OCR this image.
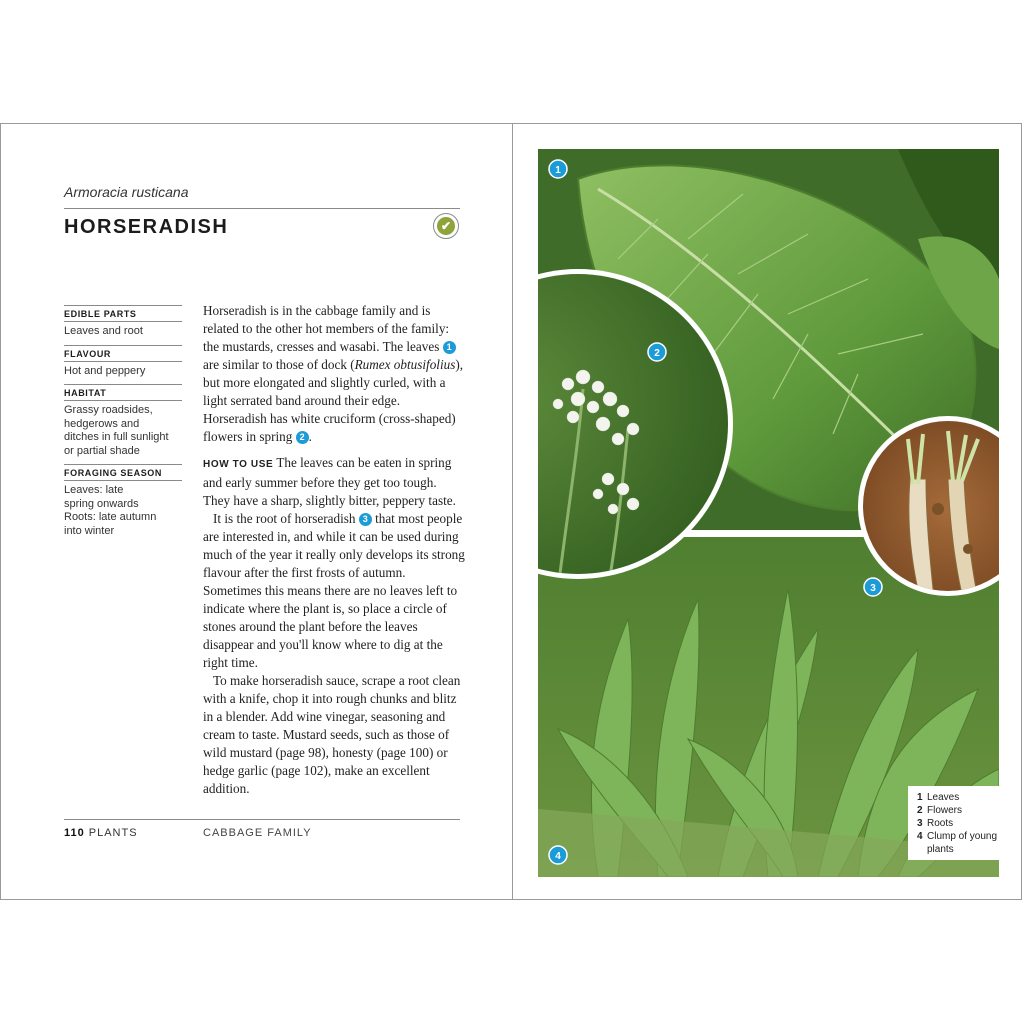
Armoracia rusticana
HORSERADISH	✔
EDIBLE PARTS
Leaves and root
FLAVOUR
Hot and peppery
HABITAT
Grassy roadsides,
hedgerows and
ditches in full sunlight
or partial shade
FORAGING SEASON
Leaves: late
spring onwards
Roots: late autumn
into winter

Horseradish is in the cabbage family and is related to the other hot members of the family: the mustards, cresses and wasabi. The leaves 1 are similar to those of dock (Rumex obtusifolius), but more elongated and slightly curled, with a light serrated band around their edge. Horseradish has white cruciform (cross-shaped) flowers in spring 2 .

HOW TO USE The leaves can be eaten in spring and early summer before they get too tough. They have a sharp, slightly bitter, peppery taste.

It is the root of horseradish 3 that most people are interested in, and while it can be used during much of the year it really only develops its strong flavour after the first frosts of autumn. Sometimes this means there are no leaves left to indicate where the plant is, so place a circle of stones around the plant before the leaves disappear and you'll know where to dig at the right time.

To make horseradish sauce, scrape a root clean with a knife, chop it into rough chunks and blitz in a blender. Add wine vinegar, seasoning and cream to taste. Mustard seeds, such as those of wild mustard (page 98), honesty (page 100) or hedge garlic (page 102), make an excellent addition.

110 PLANTS	CABBAGE FAMILY
1
2
3
4
1 Leaves
2 Flowers
3 Roots
4 Clump of young plants
